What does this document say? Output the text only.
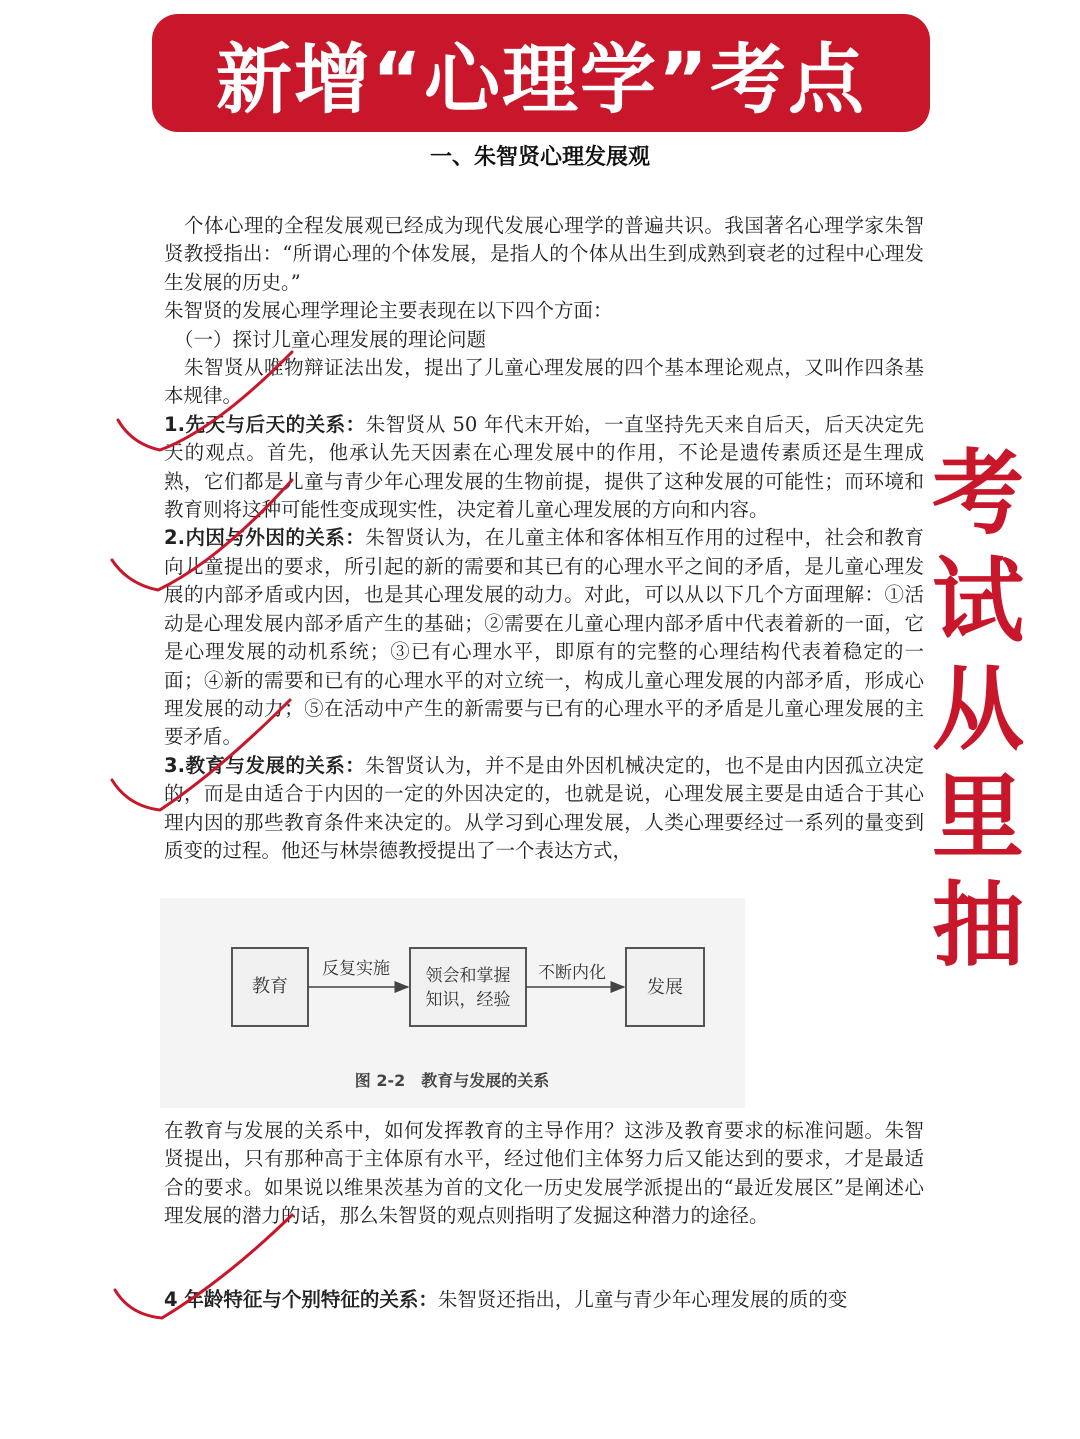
新增“心理学”考点
一、朱智贤心理发展观

个体心理的全程发展观已经成为现代发展心理学的普遍共识。我国著名心理学家朱智贤教授指出：“所谓心理的个体发展，是指人的个体从出生到成熟到衰老的过程中心理发生发展的历史。”

朱智贤的发展心理学理论主要表现在以下四个方面：

（一）探讨儿童心理发展的理论问题

朱智贤从唯物辩证法出发，提出了儿童心理发展的四个基本理论观点，又叫作四条基本规律。

1.先天与后天的关系：朱智贤从 50 年代末开始，一直坚持先天来自后天，后天决定先天的观点。首先，他承认先天因素在心理发展中的作用，不论是遗传素质还是生理成熟，它们都是儿童与青少年心理发展的生物前提，提供了这种发展的可能性；而环境和教育则将这种可能性变成现实性，决定着儿童心理发展的方向和内容。

2.内因与外因的关系：朱智贤认为，在儿童主体和客体相互作用的过程中，社会和教育向儿童提出的要求，所引起的新的需要和其已有的心理水平之间的矛盾，是儿童心理发展的内部矛盾或内因，也是其心理发展的动力。对此，可以从以下几个方面理解：①活动是心理发展内部矛盾产生的基础；②需要在儿童心理内部矛盾中代表着新的一面，它是心理发展的动机系统；③已有心理水平，即原有的完整的心理结构代表着稳定的一面；④新的需要和已有的心理水平的对立统一，构成儿童心理发展的内部矛盾，形成心理发展的动力；⑤在活动中产生的新需要与已有的心理水平的矛盾是儿童心理发展的主要矛盾。

3.教育与发展的关系：朱智贤认为，并不是由外因机械决定的，也不是由内因孤立决定的，而是由适合于内因的一定的外因决定的，也就是说，心理发展主要是由适合于其心理内因的那些教育条件来决定的。从学习到心理发展，人类心理要经过一系列的量变到质变的过程。他还与林崇德教授提出了一个表达方式，

教育
反复实施 领会和掌握
知识，经验
不断内化
发展
图 2-2　教育与发展的关系

在教育与发展的关系中，如何发挥教育的主导作用？这涉及教育要求的标准问题。朱智贤提出，只有那种高于主体原有水平，经过他们主体努力后又能达到的要求，才是最适合的要求。如果说以维果茨基为首的文化一历史发展学派提出的“最近发展区”是阐述心理发展的潜力的话，那么朱智贤的观点则指明了发掘这种潜力的途径。

4 年龄特征与个别特征的关系：朱智贤还指出，儿童与青少年心理发展的质的变

考
试
从
里
抽
